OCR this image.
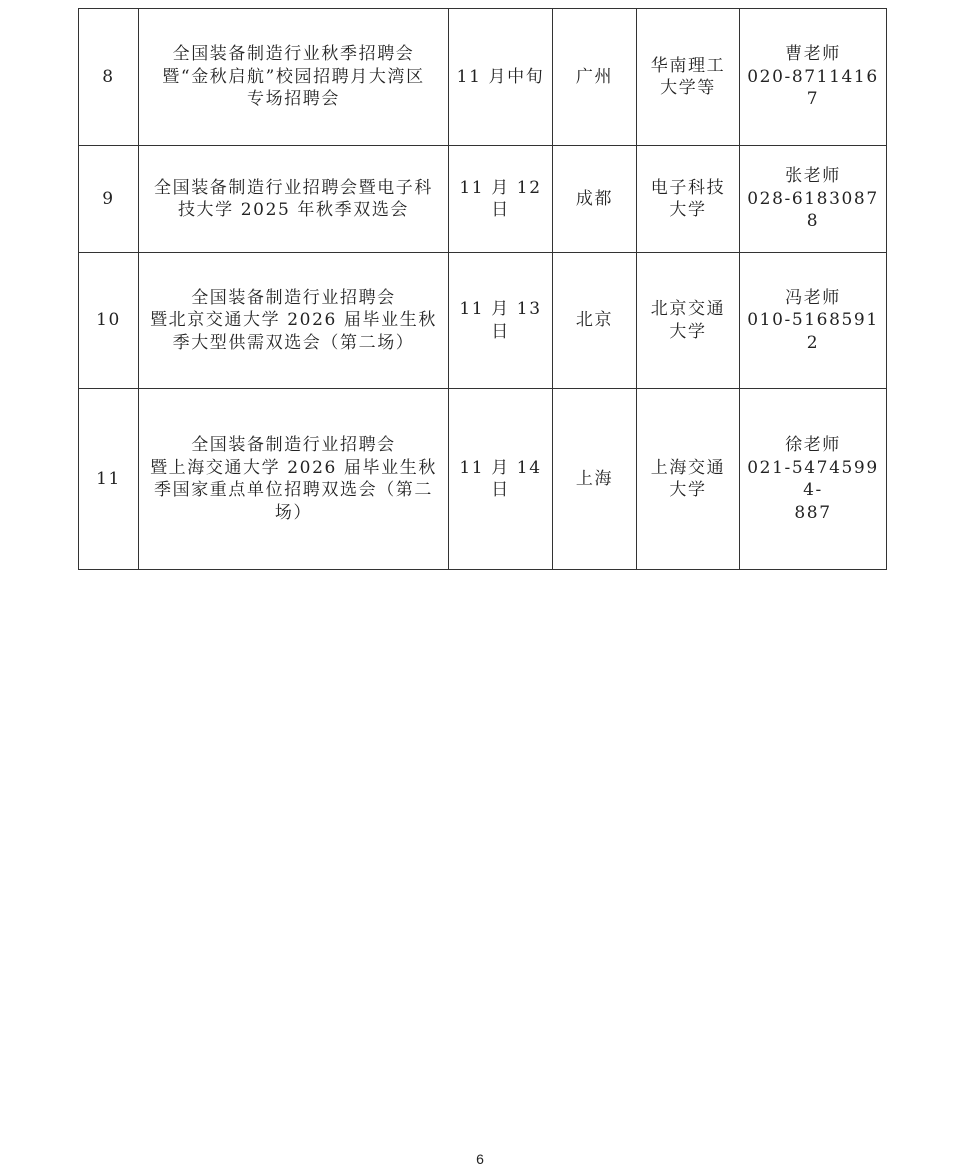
8	全国装备制造行业秋季招聘会
暨“金秋启航”校园招聘月大湾区
专场招聘会	11 月中旬	广州	华南理工
大学等	曹老师
020-87114167

9	全国装备制造行业招聘会暨电子科
技大学 2025 年秋季双选会	11 月 12 日	成都	电子科技
大学	张老师
028-61830878

10	全国装备制造行业招聘会
暨北京交通大学 2026 届毕业生秋
季大型供需双选会（第二场）	11 月 13 日	北京	北京交通
大学	冯老师
010-51685912

11	全国装备制造行业招聘会
暨上海交通大学 2026 届毕业生秋
季国家重点单位招聘双选会（第二
场）	11 月 14 日	上海	上海交通
大学	徐老师
021-54745994-
887
6
